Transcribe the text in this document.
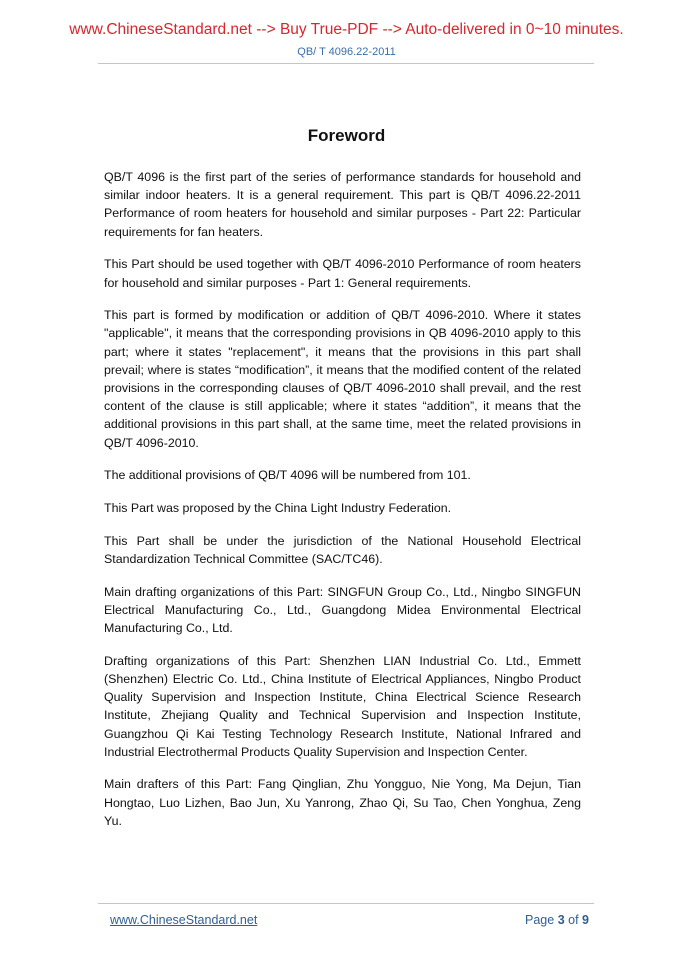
www.ChineseStandard.net --> Buy True-PDF --> Auto-delivered in 0~10 minutes.
QB/ T 4096.22-2011
Foreword

QB/T 4096 is the first part of the series of performance standards for household and similar indoor heaters. It is a general requirement. This part is QB/T 4096.22-2011 Performance of room heaters for household and similar purposes - Part 22: Particular requirements for fan heaters.

This Part should be used together with QB/T 4096-2010 Performance of room heaters for household and similar purposes - Part 1: General requirements.

This part is formed by modification or addition of QB/T 4096-2010. Where it states "applicable", it means that the corresponding provisions in QB 4096-2010 apply to this part; where it states "replacement", it means that the provisions in this part shall prevail; where is states “modification”, it means that the modified content of the related provisions in the corresponding clauses of QB/T 4096-2010 shall prevail, and the rest content of the clause is still applicable; where it states “addition”, it means that the additional provisions in this part shall, at the same time, meet the related provisions in QB/T 4096-2010.

The additional provisions of QB/T 4096 will be numbered from 101.

This Part was proposed by the China Light Industry Federation.

This Part shall be under the jurisdiction of the National Household Electrical Standardization Technical Committee (SAC/TC46).

Main drafting organizations of this Part: SINGFUN Group Co., Ltd., Ningbo SINGFUN Electrical Manufacturing Co., Ltd., Guangdong Midea Environmental Electrical Manufacturing Co., Ltd.

Drafting organizations of this Part: Shenzhen LIAN Industrial Co. Ltd., Emmett (Shenzhen) Electric Co. Ltd., China Institute of Electrical Appliances, Ningbo Product Quality Supervision and Inspection Institute, China Electrical Science Research Institute, Zhejiang Quality and Technical Supervision and Inspection Institute, Guangzhou Qi Kai Testing Technology Research Institute, National Infrared and Industrial Electrothermal Products Quality Supervision and Inspection Center.

Main drafters of this Part: Fang Qinglian, Zhu Yongguo, Nie Yong, Ma Dejun, Tian Hongtao, Luo Lizhen, Bao Jun, Xu Yanrong, Zhao Qi, Su Tao, Chen Yonghua, Zeng Yu.

www.ChineseStandard.net	Page 3 of 9
